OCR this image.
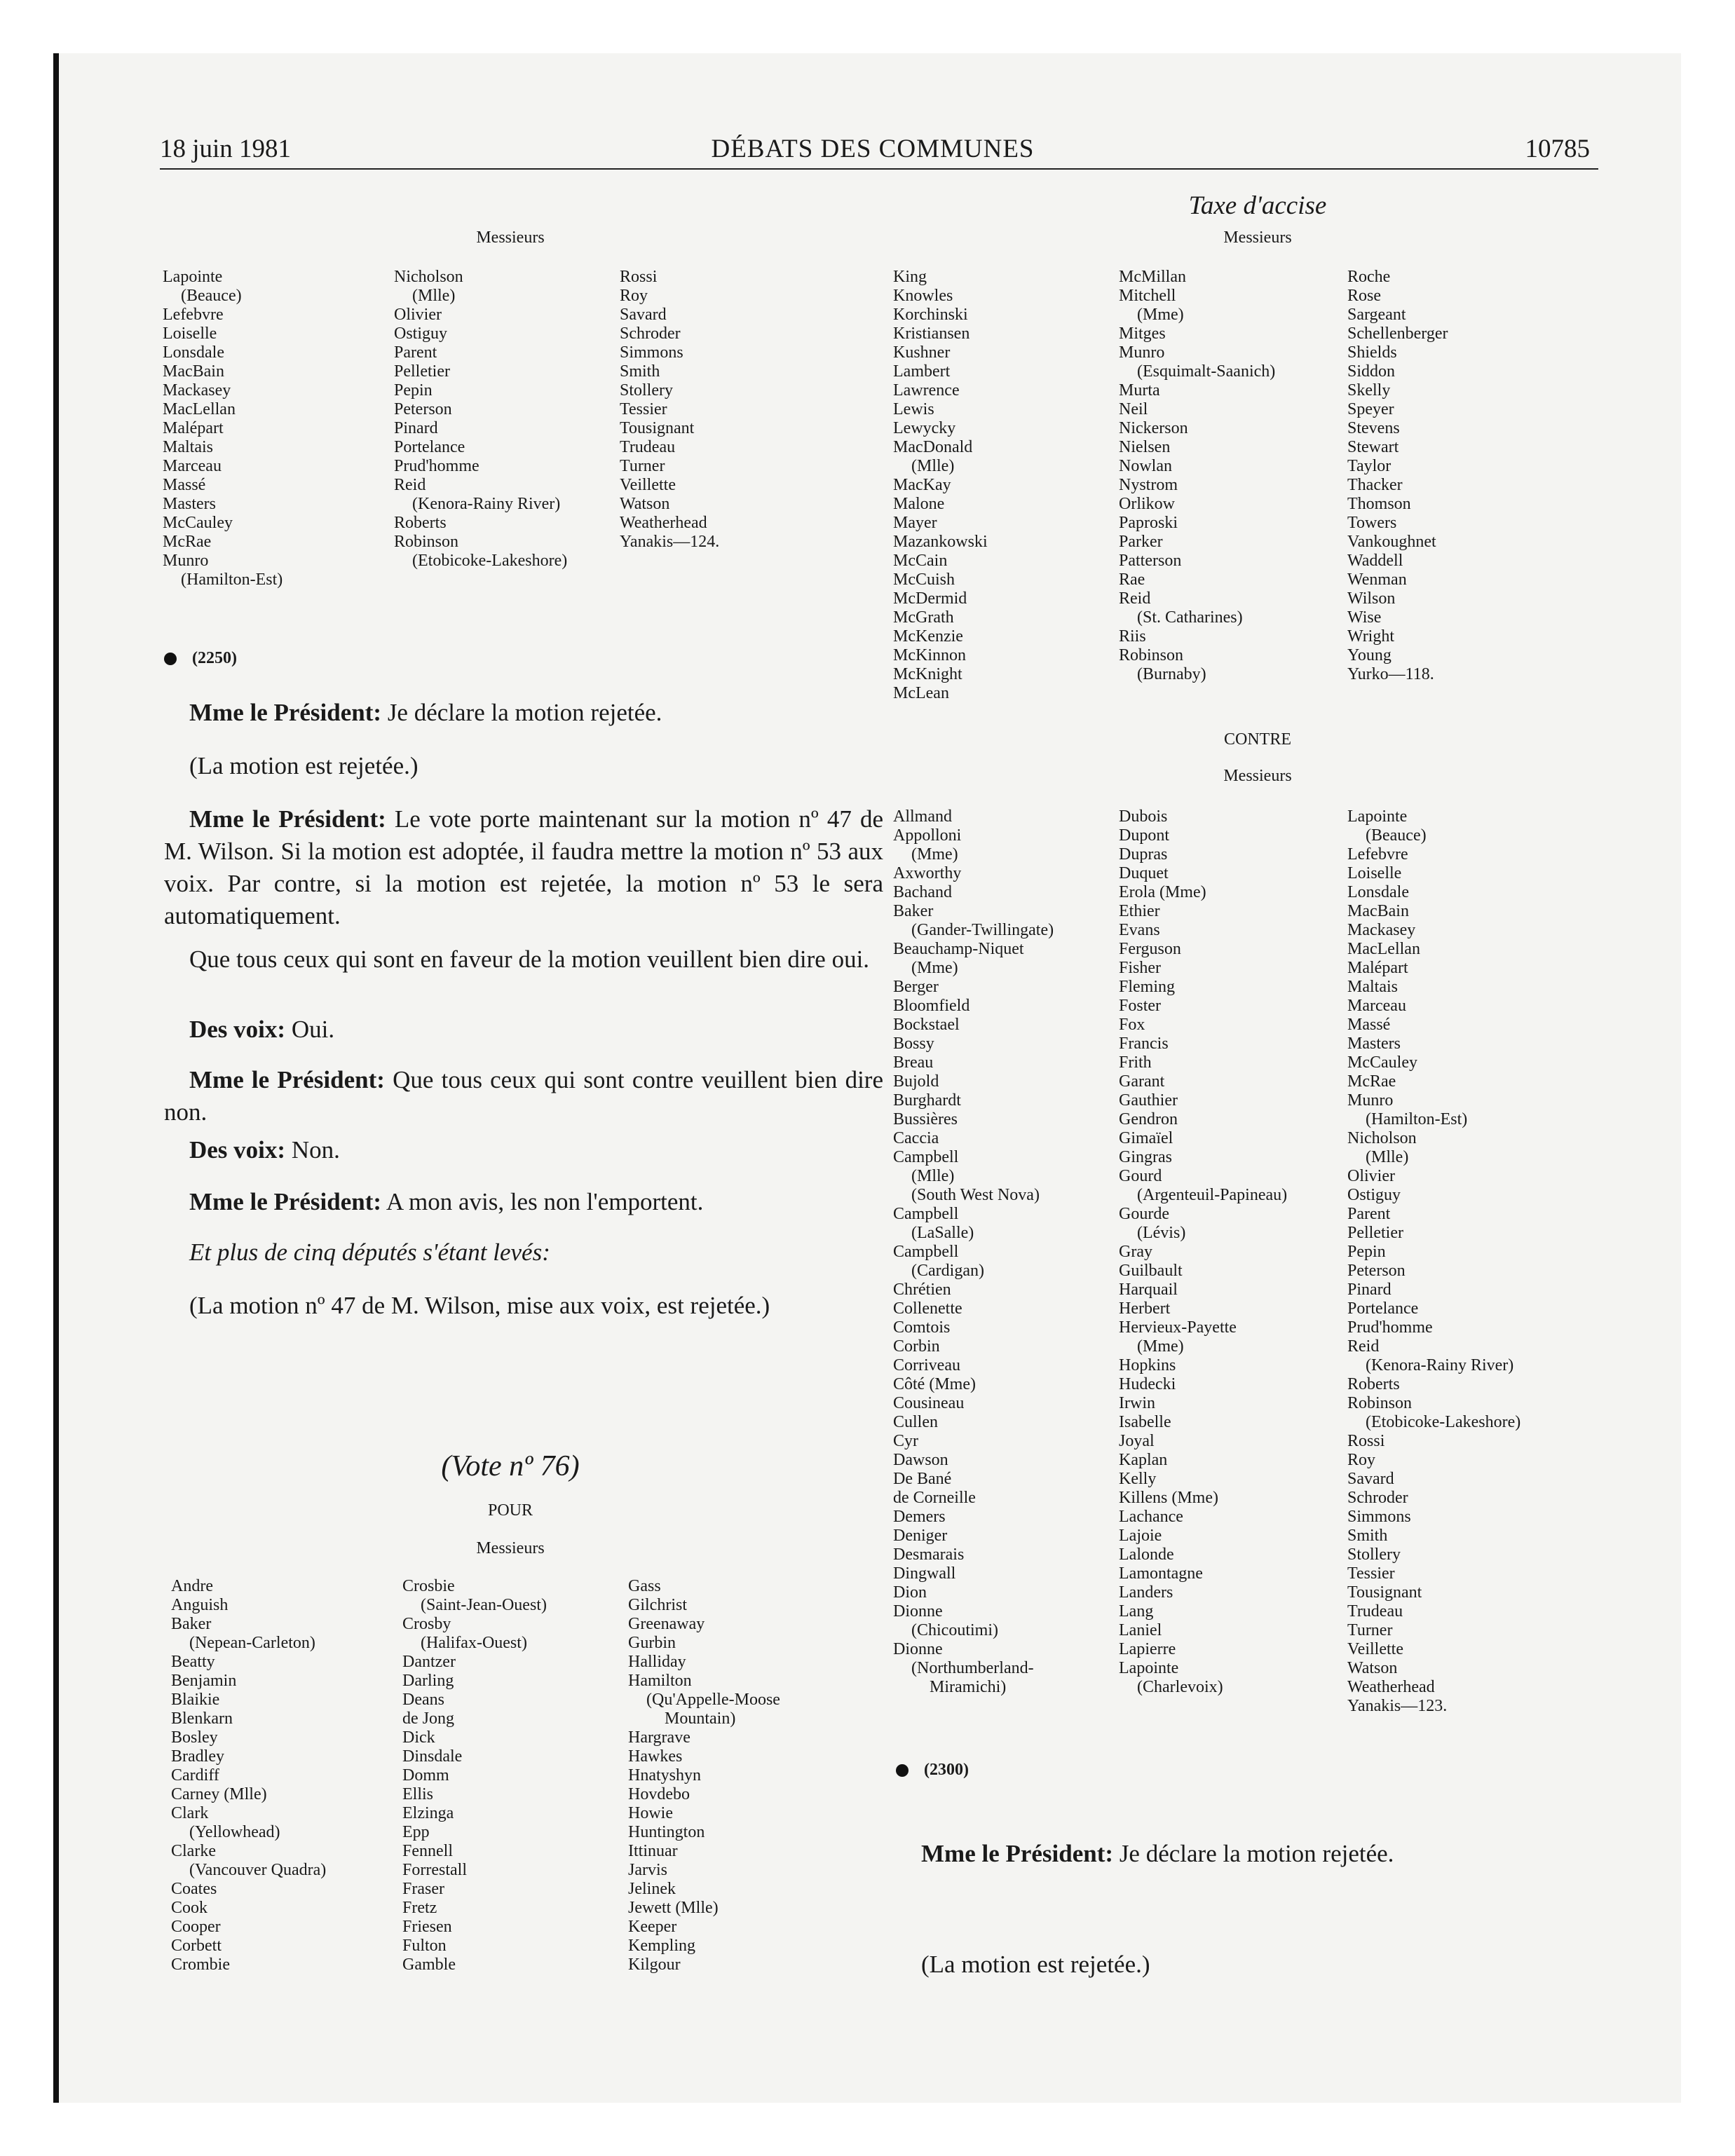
18 juin 1981	DÉBATS DES COMMUNES	10785
Messieurs
Lapointe
(Beauce)
Lefebvre
Loiselle
Lonsdale
MacBain
Mackasey
MacLellan
Malépart
Maltais
Marceau
Massé
Masters
McCauley
McRae
Munro
(Hamilton-Est)
Nicholson
(Mlle)
Olivier
Ostiguy
Parent
Pelletier
Pepin
Peterson
Pinard
Portelance
Prud'homme
Reid
(Kenora-Rainy River)
Roberts
Robinson
(Etobicoke-Lakeshore)
Rossi
Roy
Savard
Schroder
Simmons
Smith
Stollery
Tessier
Tousignant
Trudeau
Turner
Veillette
Watson
Weatherhead
Yanakis—124.
(2250)
Mme le Président: Je déclare la motion rejetée.
(La motion est rejetée.)
Mme le Président: Le vote porte maintenant sur la motion nº 47 de M. Wilson. Si la motion est adoptée, il faudra mettre la motion nº 53 aux voix. Par contre, si la motion est rejetée, la motion nº 53 le sera automatiquement.
Que tous ceux qui sont en faveur de la motion veuillent bien dire oui.
Des voix: Oui.
Mme le Président: Que tous ceux qui sont contre veuillent bien dire non.
Des voix: Non.
Mme le Président: A mon avis, les non l'emportent.
Et plus de cinq députés s'étant levés:
(La motion nº 47 de M. Wilson, mise aux voix, est rejetée.)
(Vote nº 76)
POUR
Messieurs
Andre
Anguish
Baker
(Nepean-Carleton)
Beatty
Benjamin
Blaikie
Blenkarn
Bosley
Bradley
Cardiff
Carney (Mlle)
Clark
(Yellowhead)
Clarke
(Vancouver Quadra)
Coates
Cook
Cooper
Corbett
Crombie
Crosbie
(Saint-Jean-Ouest)
Crosby
(Halifax-Ouest)
Dantzer
Darling
Deans
de Jong
Dick
Dinsdale
Domm
Ellis
Elzinga
Epp
Fennell
Forrestall
Fraser
Fretz
Friesen
Fulton
Gamble
Gass
Gilchrist
Greenaway
Gurbin
Halliday
Hamilton
(Qu'Appelle-Moose
Mountain)
Hargrave
Hawkes
Hnatyshyn
Hovdebo
Howie
Huntington
Ittinuar
Jarvis
Jelinek
Jewett (Mlle)
Keeper
Kempling
Kilgour
Taxe d'accise
Messieurs
King
Knowles
Korchinski
Kristiansen
Kushner
Lambert
Lawrence
Lewis
Lewycky
MacDonald
(Mlle)
MacKay
Malone
Mayer
Mazankowski
McCain
McCuish
McDermid
McGrath
McKenzie
McKinnon
McKnight
McLean
McMillan
Mitchell
(Mme)
Mitges
Munro
(Esquimalt-Saanich)
Murta
Neil
Nickerson
Nielsen
Nowlan
Nystrom
Orlikow
Paproski
Parker
Patterson
Rae
Reid
(St. Catharines)
Riis
Robinson
(Burnaby)
Roche
Rose
Sargeant
Schellenberger
Shields
Siddon
Skelly
Speyer
Stevens
Stewart
Taylor
Thacker
Thomson
Towers
Vankoughnet
Waddell
Wenman
Wilson
Wise
Wright
Young
Yurko—118.
CONTRE
Messieurs
Allmand
Appolloni
(Mme)
Axworthy
Bachand
Baker
(Gander-Twillingate)
Beauchamp-Niquet
(Mme)
Berger
Bloomfield
Bockstael
Bossy
Breau
Bujold
Burghardt
Bussières
Caccia
Campbell
(Mlle)
(South West Nova)
Campbell
(LaSalle)
Campbell
(Cardigan)
Chrétien
Collenette
Comtois
Corbin
Corriveau
Côté (Mme)
Cousineau
Cullen
Cyr
Dawson
De Bané
de Corneille
Demers
Deniger
Desmarais
Dingwall
Dion
Dionne
(Chicoutimi)
Dionne
(Northumberland-
Miramichi)
Dubois
Dupont
Dupras
Duquet
Erola (Mme)
Ethier
Evans
Ferguson
Fisher
Fleming
Foster
Fox
Francis
Frith
Garant
Gauthier
Gendron
Gimaïel
Gingras
Gourd
(Argenteuil-Papineau)
Gourde
(Lévis)
Gray
Guilbault
Harquail
Herbert
Hervieux-Payette
(Mme)
Hopkins
Hudecki
Irwin
Isabelle
Joyal
Kaplan
Kelly
Killens (Mme)
Lachance
Lajoie
Lalonde
Lamontagne
Landers
Lang
Laniel
Lapierre
Lapointe
(Charlevoix)
Lapointe
(Beauce)
Lefebvre
Loiselle
Lonsdale
MacBain
Mackasey
MacLellan
Malépart
Maltais
Marceau
Massé
Masters
McCauley
McRae
Munro
(Hamilton-Est)
Nicholson
(Mlle)
Olivier
Ostiguy
Parent
Pelletier
Pepin
Peterson
Pinard
Portelance
Prud'homme
Reid
(Kenora-Rainy River)
Roberts
Robinson
(Etobicoke-Lakeshore)
Rossi
Roy
Savard
Schroder
Simmons
Smith
Stollery
Tessier
Tousignant
Trudeau
Turner
Veillette
Watson
Weatherhead
Yanakis—123.
(2300)
Mme le Président: Je déclare la motion rejetée.
(La motion est rejetée.)
